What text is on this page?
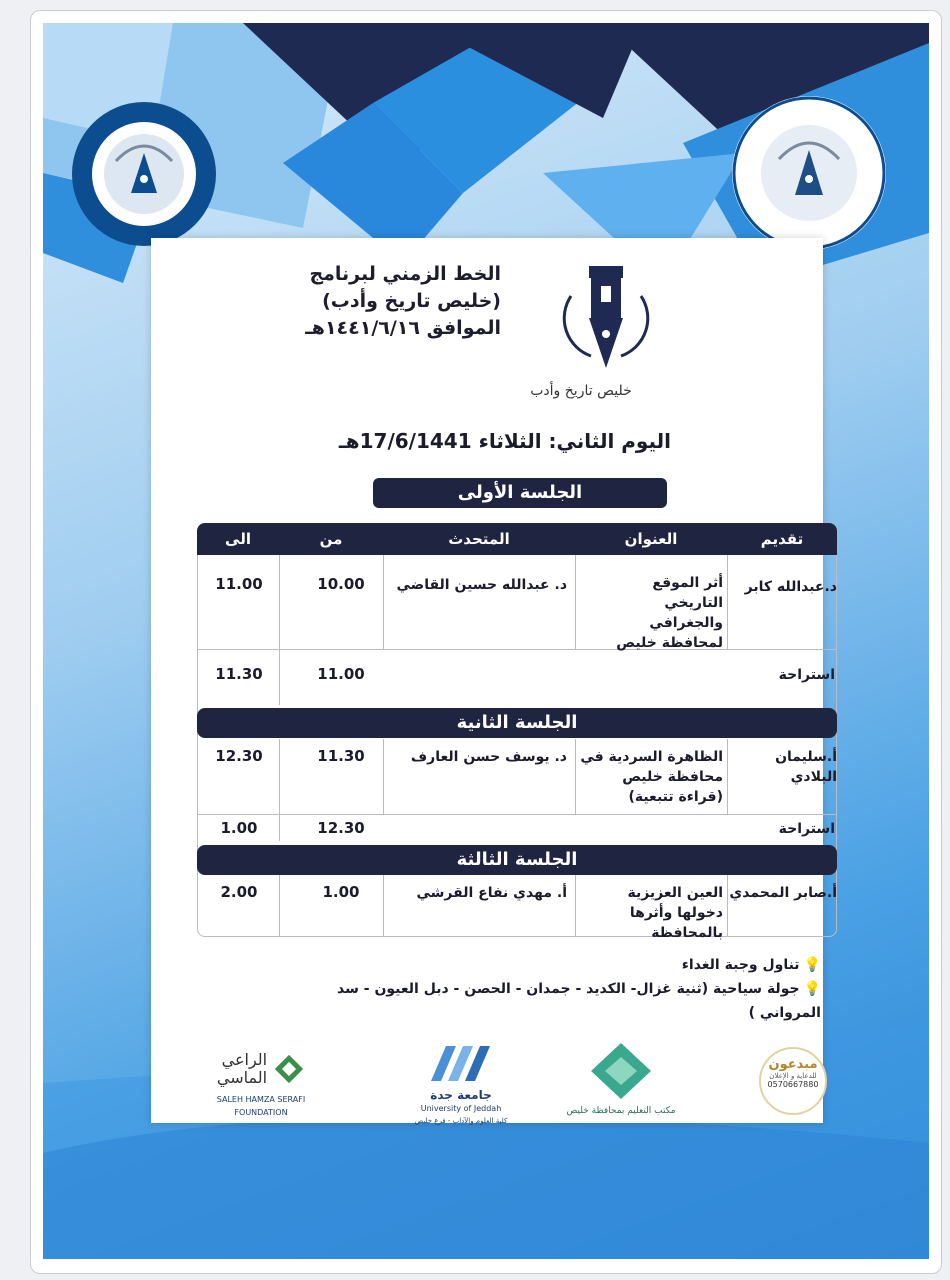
الخط الزمني لبرنامج
(خليص تاريخ وأدب)
الموافق ١٤٤١/٦/١٦هـ
خليص تاريخ وأدب
اليوم الثاني: الثلاثاء 17/6/1441هـ
الجلسة الأولى
تقديم
العنوان
المتحدث
من
الى
د.عبدالله كابر
أثر الموقع التاريخي والجغرافي لمحافظة خليص
د. عبدالله حسين القاضي
10.00
11.00
استراحة
11.00
11.30
الجلسة الثانية
أ.سليمان البلادي
الظاهرة السردية في محافظة خليص (قراءة تتبعية)
د. يوسف حسن العارف
11.30
12.30
استراحة
12.30
1.00
الجلسة الثالثة
أ.صابر المحمدي
العين العزيزية دخولها وأثرها بالمحافظة
أ. مهدي نفاع القرشي
1.00
2.00
💡تناول وجبة الغداء
💡جولة سياحية (ثنية غزال- الكديد - جمدان - الحصن - دبل العيون - سد المرواني )
الراعي
الماسي
SALEH HAMZA SERAFI FOUNDATION
جامعة جدة
University of Jeddah
كلية العلوم والآداب - فرع خليص
مكتب التعليم بمحافظة خليص
مبدعون
للدعاية و الإعلان
0570667880
